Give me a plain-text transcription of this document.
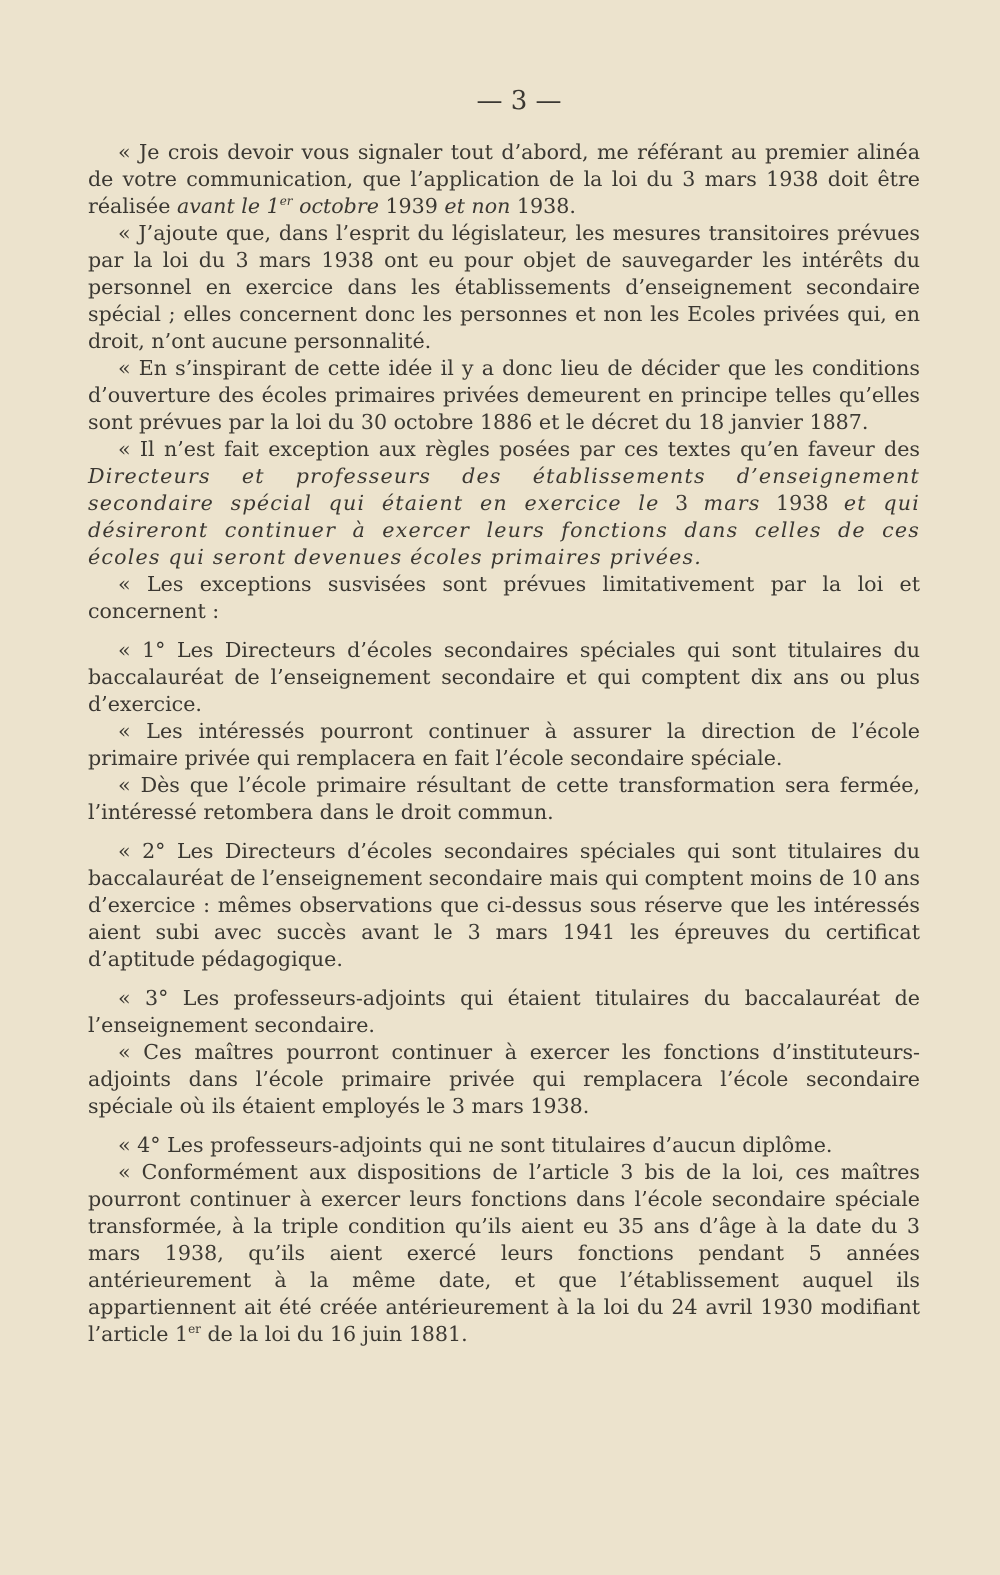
— 3 —

« Je crois devoir vous signaler tout d’abord, me référant au premier alinéa de votre communication, que l’application de la loi du 3 mars 1938 doit être réalisée avant le 1er octobre 1939 et non 1938.

« J’ajoute que, dans l’esprit du législateur, les mesures transitoires prévues par la loi du 3 mars 1938 ont eu pour objet de sauvegarder les intérêts du personnel en exercice dans les établissements d’enseignement secondaire spécial ; elles concernent donc les personnes et non les Ecoles privées qui, en droit, n’ont aucune personnalité.

« En s’inspirant de cette idée il y a donc lieu de décider que les conditions d’ouverture des écoles primaires privées demeurent en principe telles qu’elles sont prévues par la loi du 30 octobre 1886 et le décret du 18 janvier 1887.

« Il n’est fait exception aux règles posées par ces textes qu’en faveur des Directeurs et professeurs des établissements d’enseignement secondaire spécial qui étaient en exercice le 3 mars 1938 et qui désireront continuer à exercer leurs fonctions dans celles de ces écoles qui seront devenues écoles primaires privées.

« Les exceptions susvisées sont prévues limitativement par la loi et concernent :

« 1° Les Directeurs d’écoles secondaires spéciales qui sont titulaires du baccalauréat de l’enseignement secondaire et qui comptent dix ans ou plus d’exercice.

« Les intéressés pourront continuer à assurer la direction de l’école primaire privée qui remplacera en fait l’école secondaire spéciale.

« Dès que l’école primaire résultant de cette transformation sera fermée, l’intéressé retombera dans le droit commun.

« 2° Les Directeurs d’écoles secondaires spéciales qui sont titulaires du baccalauréat de l’enseignement secondaire mais qui comptent moins de 10 ans d’exercice : mêmes observations que ci-dessus sous réserve que les intéressés aient subi avec succès avant le 3 mars 1941 les épreuves du certificat d’aptitude pédagogique.

« 3° Les professeurs-adjoints qui étaient titulaires du baccalauréat de l’enseignement secondaire.

« Ces maîtres pourront continuer à exercer les fonctions d’instituteurs-adjoints dans l’école primaire privée qui remplacera l’école secondaire spéciale où ils étaient employés le 3 mars 1938.

« 4° Les professeurs-adjoints qui ne sont titulaires d’aucun diplôme.

« Conformément aux dispositions de l’article 3 bis de la loi, ces maîtres pourront continuer à exercer leurs fonctions dans l’école secondaire spéciale transformée, à la triple condition qu’ils aient eu 35 ans d’âge à la date du 3 mars 1938, qu’ils aient exercé leurs fonctions pendant 5 années antérieurement à la même date, et que l’établissement auquel ils appartiennent ait été créée antérieurement à la loi du 24 avril 1930 modifiant l’article 1er de la loi du 16 juin 1881.
